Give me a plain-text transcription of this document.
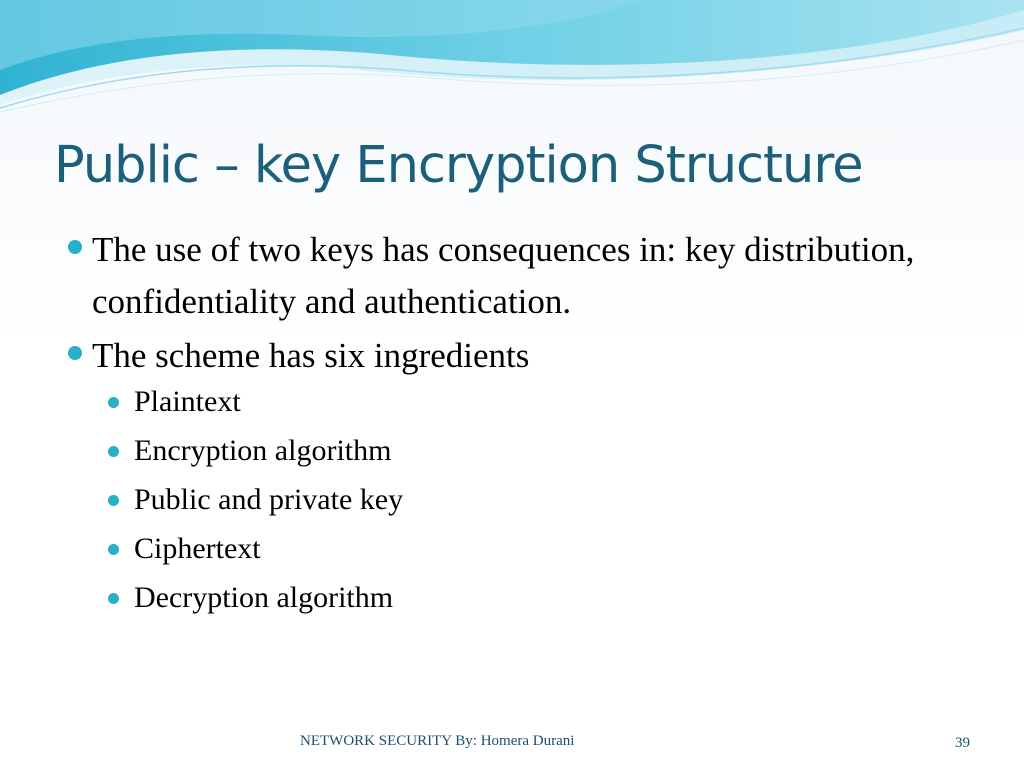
Public – key Encryption Structure
The use of two keys has consequences in: key distribution, confidentiality and authentication.
The scheme has six ingredients
Plaintext
Encryption algorithm
Public and private key
Ciphertext
Decryption algorithm
NETWORK SECURITY By: Homera Durani	39
